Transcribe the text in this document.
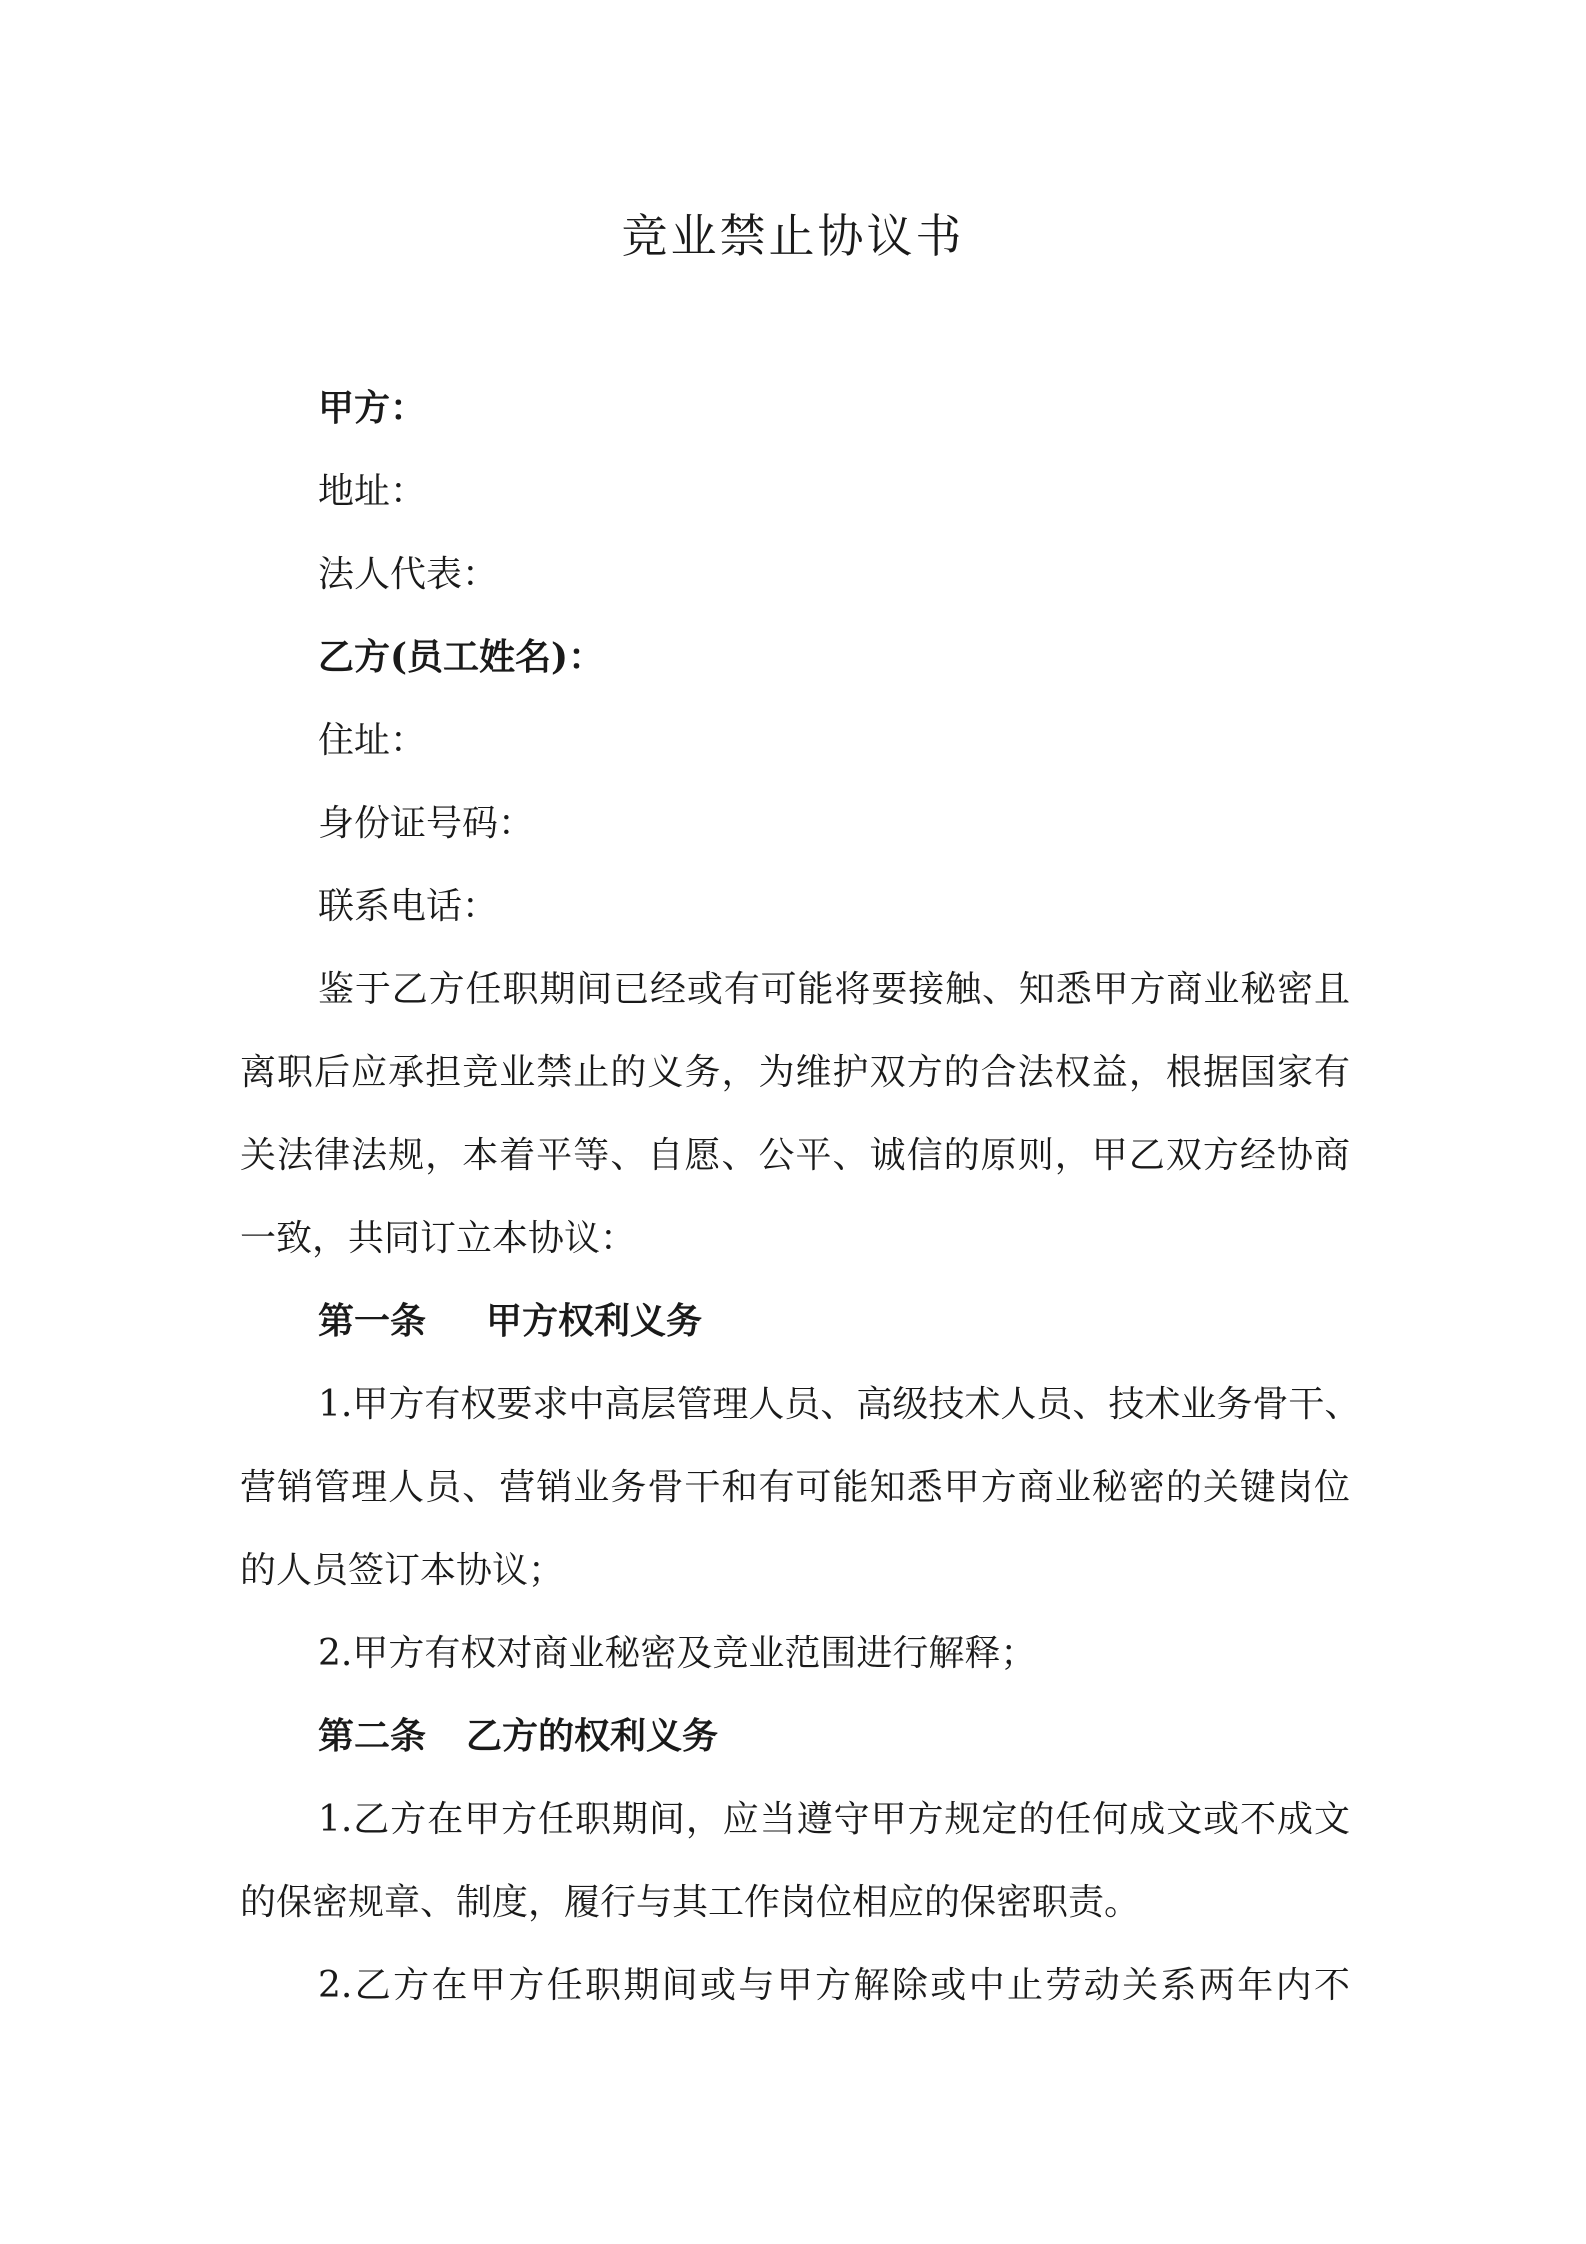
竞业禁止协议书

甲方：

地址：

法人代表：

乙方(员工姓名)：

住址：

身份证号码：

联系电话：

鉴于乙方任职期间已经或有可能将要接触、知悉甲方商业秘密且

离职后应承担竞业禁止的义务，为维护双方的合法权益，根据国家有

关法律法规，本着平等、自愿、公平、诚信的原则，甲乙双方经协商

一致，共同订立本协议：

第一条 甲方权利义务

1.甲方有权要求中高层管理人员、高级技术人员、技术业务骨干、

营销管理人员、营销业务骨干和有可能知悉甲方商业秘密的关键岗位

的人员签订本协议；

2.甲方有权对商业秘密及竞业范围进行解释；

第二条 乙方的权利义务

1.乙方在甲方任职期间，应当遵守甲方规定的任何成文或不成文

的保密规章、制度，履行与其工作岗位相应的保密职责。

2.乙方在甲方任职期间或与甲方解除或中止劳动关系两年内不
